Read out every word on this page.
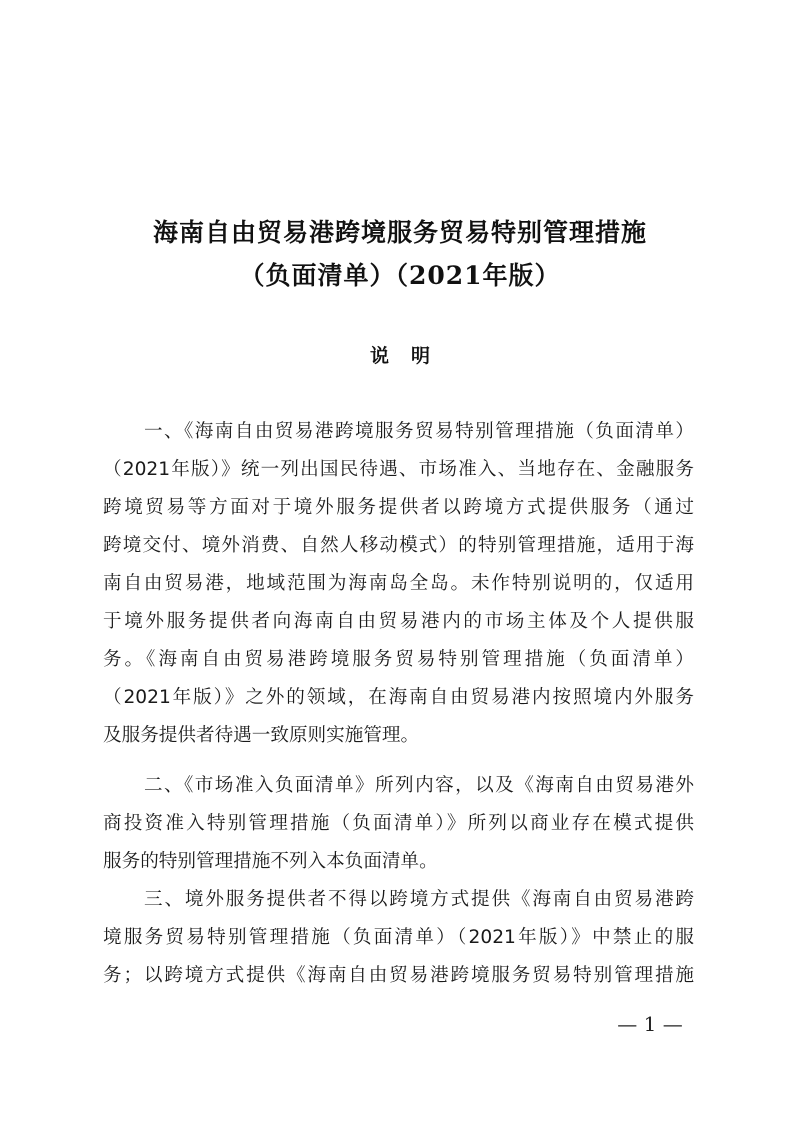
海南自由贸易港跨境服务贸易特别管理措施
（负面清单）（2021年版）
说明
一、《海南自由贸易港跨境服务贸易特别管理措施（负面清单）
（2021年版）》统一列出国民待遇、市场准入、当地存在、金融服务
跨境贸易等方面对于境外服务提供者以跨境方式提供服务（通过
跨境交付、境外消费、自然人移动模式）的特别管理措施，适用于海
南自由贸易港，地域范围为海南岛全岛。未作特别说明的，仅适用
于境外服务提供者向海南自由贸易港内的市场主体及个人提供服
务。《海南自由贸易港跨境服务贸易特别管理措施（负面清单）
（2021年版）》之外的领域，在海南自由贸易港内按照境内外服务
及服务提供者待遇一致原则实施管理。
二、《市场准入负面清单》所列内容，以及《海南自由贸易港外
商投资准入特别管理措施（负面清单）》所列以商业存在模式提供
服务的特别管理措施不列入本负面清单。
三、境外服务提供者不得以跨境方式提供《海南自由贸易港跨
境服务贸易特别管理措施（负面清单）（2021年版）》中禁止的服
务；以跨境方式提供《海南自由贸易港跨境服务贸易特别管理措施
— 1 —
